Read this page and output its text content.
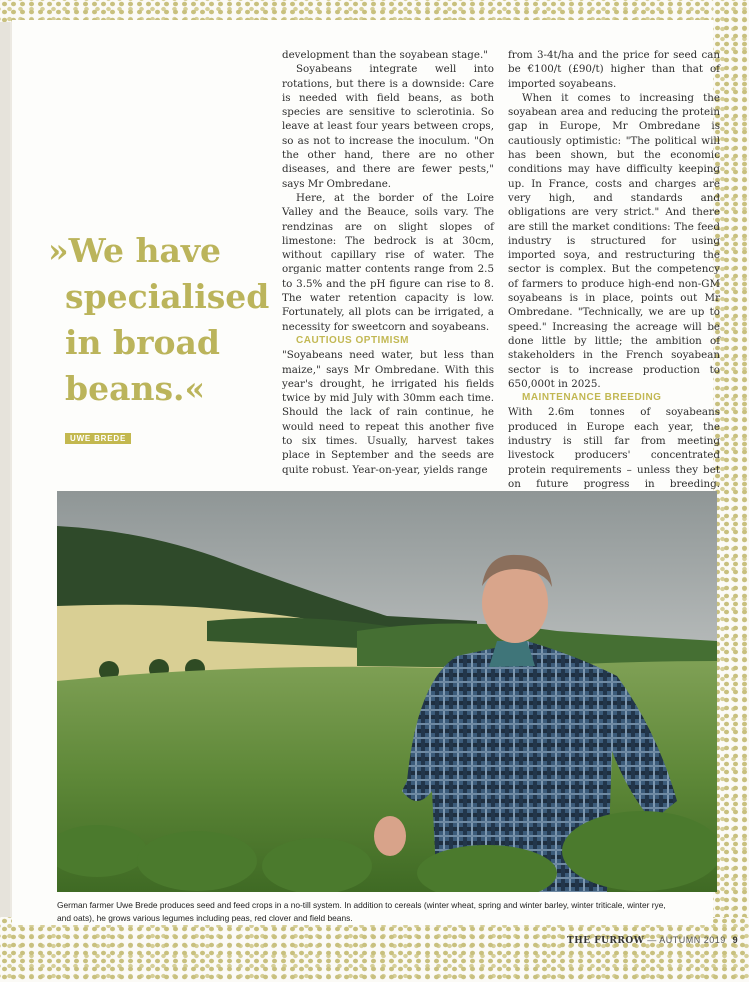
»We have
specialised
in broad
beans.«
UWE BREDE

development than the soyabean stage."

Soyabeans integrate well into rotations, but there is a downside: Care is needed with field beans, as both species are sensitive to sclerotinia. So leave at least four years between crops, so as not to increase the inoculum. "On the other hand, there are no other diseases, and there are fewer pests," says Mr Ombredane.

Here, at the border of the Loire Valley and the Beauce, soils vary. The rendzinas are on slight slopes of limestone: The bedrock is at 30cm, without capillary rise of water. The organic matter contents range from 2.5 to 3.5% and the pH figure can rise to 8. The water retention capacity is low. Fortunately, all plots can be irrigated, a necessity for sweetcorn and soyabeans.

CAUTIOUS OPTIMISM

"Soyabeans need water, but less than maize," says Mr Ombredane. With this year's drought, he irrigated his fields twice by mid July with 30mm each time. Should the lack of rain continue, he would need to repeat this another five to six times. Usually, harvest takes place in September and the seeds are quite robust. Year-on-year, yields range

from 3-4t/ha and the price for seed can be €100/t (£90/t) higher than that of imported soyabeans.

When it comes to increasing the soyabean area and reducing the protein gap in Europe, Mr Ombredane is cautiously optimistic: "The political will has been shown, but the economic conditions may have difficulty keeping up. In France, costs and charges are very high, and standards and obligations are very strict." And there are still the market conditions: The feed industry is structured for using imported soya, and restructuring the sector is complex. But the competency of farmers to produce high-end non-GM soyabeans is in place, points out Mr Ombredane. "Technically, we are up to speed." Increasing the acreage will be done little by little; the ambition of stakeholders in the French soyabean sector is to increase production to 650,000t in 2025.

MAINTENANCE BREEDING

With 2.6m tonnes of soyabeans produced in Europe each year, the industry is still far from meeting livestock producers' concentrated protein requirements – unless they bet on future progress in breeding.

German farmer Uwe Brede produces seed and feed crops in a no-till system. In addition to cereals (winter wheat, spring and winter barley, winter triticale, winter rye, and oats), he grows various legumes including peas, red clover and field beans.
THE FURROW — AUTUMN 2019 9
